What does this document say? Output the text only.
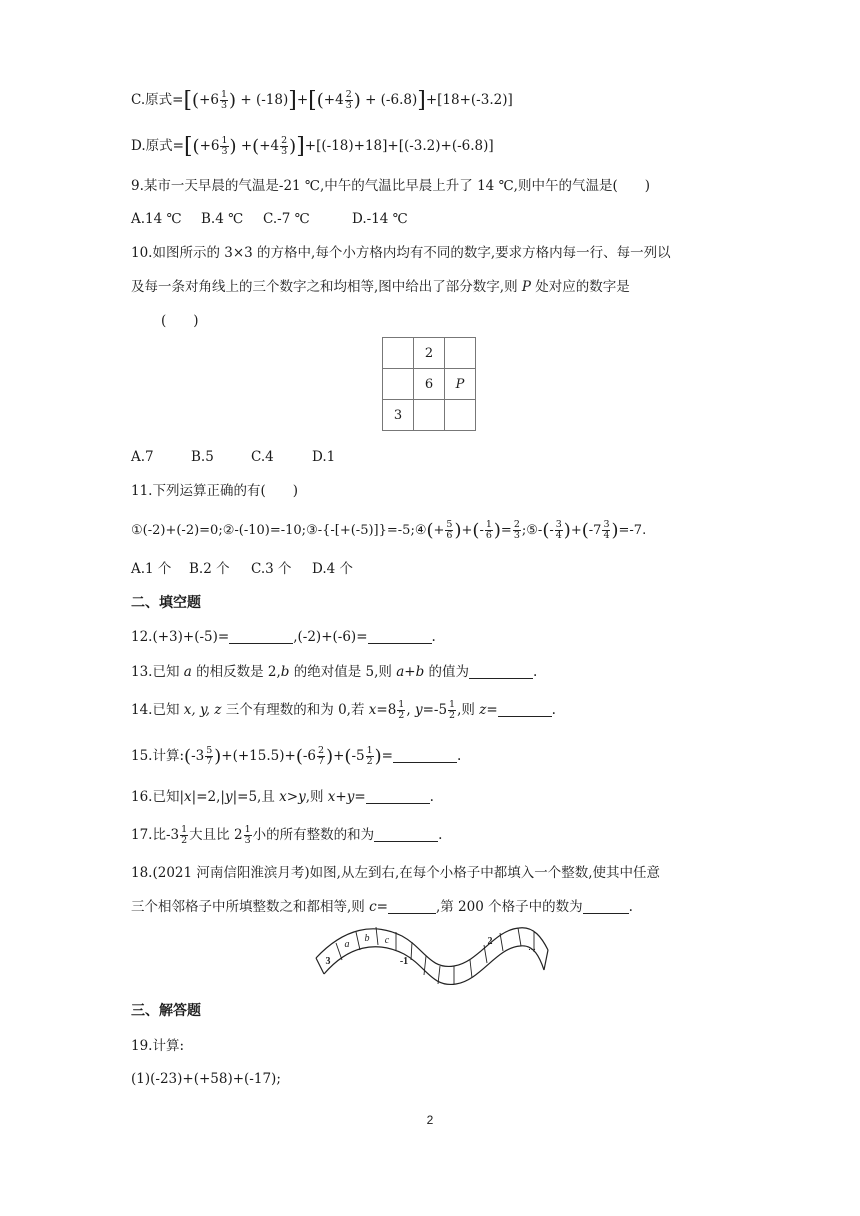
C.原式$=[(+6 \frac{1}{3}$ ) + $(-18)]+[(+4 \frac{2}{3}$ ) + (-6.8)]+[18+(-3.2)]
D.原式$=[(+6 \frac{1}{3}$ ) $+(+4 \frac{2}{3} )]+[(-18)+18]+[(-3.2)+(-6.8)]$
9.某市一天早晨的气温是-21 ℃,中午的气温比早晨上升了 14 ℃,则中午的气温是(　　)
A.14 ℃ B.4 ℃ C.-7 ℃	D.-14 ℃
10.如图所示的 3×3 的方格中,每个小方格内均有不同的数字,要求方格内每一行、每一列以
及每一条对角线上的三个数字之和均相等,图中给出了部分数字,则 P 处对应的数字是
(　　)
	2	
	6	P
3		
A.7	B.5	C.4	D.1
11.下列运算正确的有(　　)
①(-2)+(-2)=0;②-(-10)=-10;③-{-[+(-5)]}=-5;④(+ $\frac{5}{6}$ )+(- $\frac{1}{6}$ )= $\frac{2}{3}$ ;⑤-(- $\frac{3}{4} )+(-7 \frac{3}{4} )=-7$.
A.1 个 B.2 个 C.3 个 D.4 个
二、填空题
12.(+3)+(-5)=	,(-2)+(-6)=	.
13.已知 a 的相反数是 2,b 的绝对值是 5,则 a+b 的值为	.
14.已知 x, y, z 三个有理数的和为 0,若 $x=8 \frac{1}{2}$ , $y=-5 \frac{1}{2}$ ,则 z=	.
15.计算:(-3 $\frac{5}{7} )+(+15.5)+(-6 \frac{2}{7} )+(-5 \frac{1}{2}$ )=	.
16.已知|x|=2,|y|=5,且 x>y,则 x+y=	.
17.比$-3 \frac{1}{2}$ 大且比 $2 \frac{1}{3}$ 小的所有整数的和为	.
18.(2021 河南信阳淮滨月考)如图,从左到右,在每个小格子中都填入一个整数,使其中任意
三个相邻格子中所填整数之和都相等,则 c=	,第 200 个格子中的数为	.
3
a
b c
-1
2
...
三、解答题
19.计算:
(1)(-23)+(+58)+(-17);
2
